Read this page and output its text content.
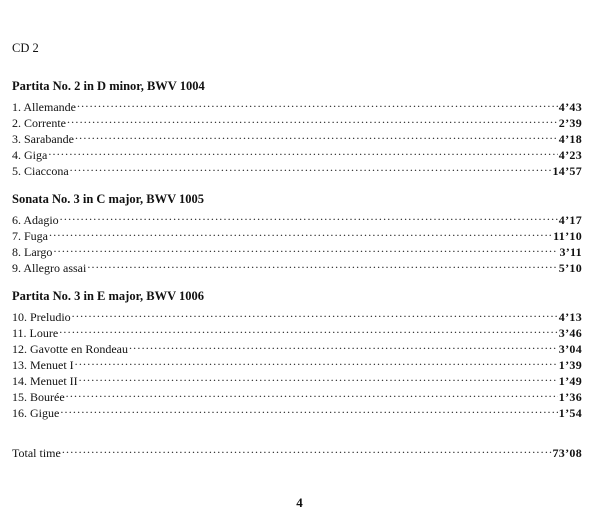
CD 2
Partita No. 2 in D minor, BWV 1004
1. Allemande .....	4’43
2. Corrente .....	2’39
3. Sarabande .....	4’18
4. Giga .....	4’23
5. Ciaccona .....	14’57
Sonata No. 3 in C major, BWV 1005
6. Adagio .....	4’17
7. Fuga .....	11’10
8. Largo .....	3’11
9. Allegro assai .....	5’10
Partita No. 3 in E major, BWV 1006
10. Preludio .....	4’13
11. Loure .....	3’46
12. Gavotte en Rondeau .....	3’04
13. Menuet I .....	1’39
14. Menuet II .....	1’49
15. Bourée .....	1’36
16. Gigue .....	1’54
Total time .....	73’08
4
